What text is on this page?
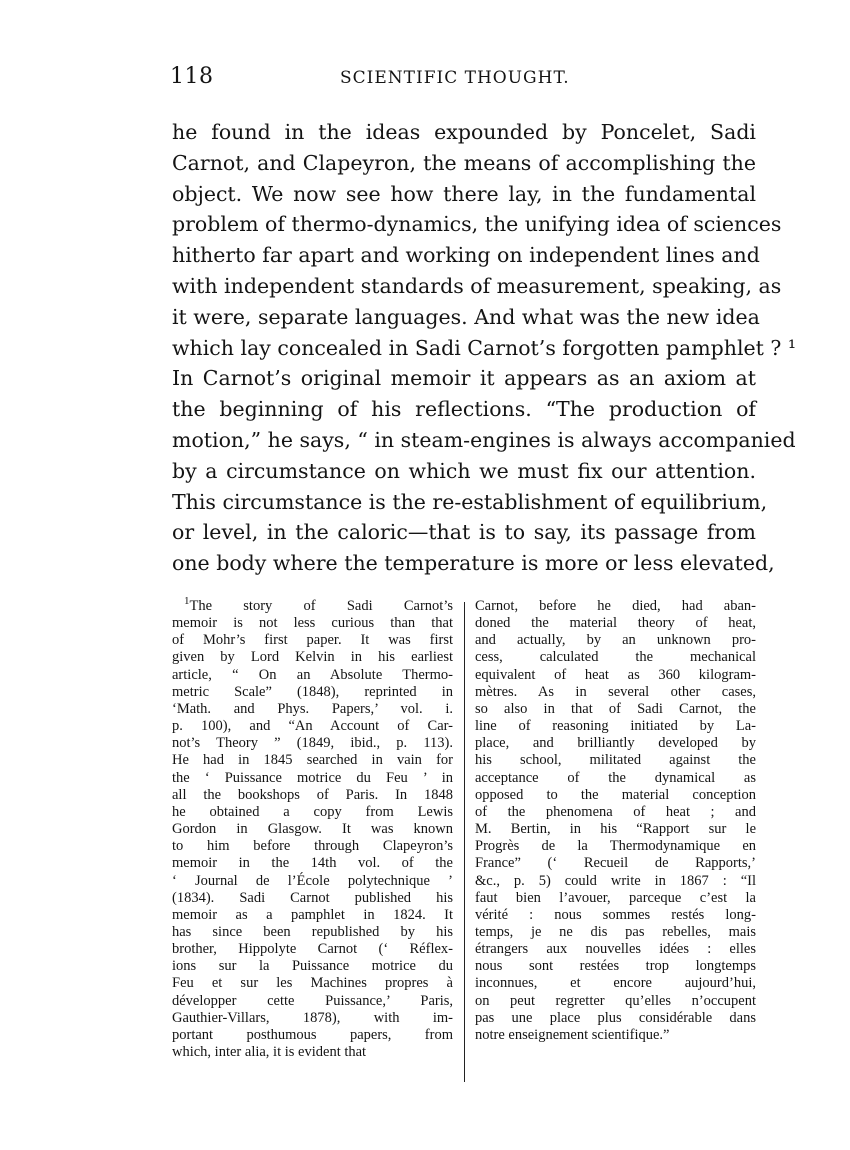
118	SCIENTIFIC THOUGHT.
he found in the ideas expounded by Poncelet, Sadi
Carnot, and Clapeyron, the means of accomplishing the
object. We now see how there lay, in the fundamental
problem of thermo-dynamics, the unifying idea of sciences
hitherto far apart and working on independent lines and
with independent standards of measurement, speaking, as
it were, separate languages. And what was the new idea
which lay concealed in Sadi Carnot’s forgotten pamphlet ? ¹
In Carnot’s original memoir it appears as an axiom at
the beginning of his reflections. “The production of
motion,” he says, “ in steam-engines is always accompanied
by a circumstance on which we must fix our attention.
This circumstance is the re-establishment of equilibrium,
or level, in the caloric—that is to say, its passage from
one body where the temperature is more or less elevated,
$^1$The story of Sadi Carnot’s
memoir is not less curious than that
of Mohr’s first paper. It was first
given by Lord Kelvin in his earliest
article, “ On an Absolute Thermo-
metric Scale” (1848), reprinted in
‘Math. and Phys. Papers,’ vol. i.
p. 100), and “An Account of Car-
not’s Theory ” (1849, ibid., p. 113).
He had in 1845 searched in vain for
the ‘ Puissance motrice du Feu ’ in
all the bookshops of Paris. In 1848
he obtained a copy from Lewis
Gordon in Glasgow. It was known
to him before through Clapeyron’s
memoir in the 14th vol. of the
‘ Journal de l’École polytechnique ’
(1834). Sadi Carnot published his
memoir as a pamphlet in 1824. It
has since been republished by his
brother, Hippolyte Carnot (‘ Réflex-
ions sur la Puissance motrice du
Feu et sur les Machines propres à
développer cette Puissance,’ Paris,
Gauthier-Villars, 1878), with im-
portant posthumous papers, from
which, inter alia, it is evident that
Carnot, before he died, had aban-
doned the material theory of heat,
and actually, by an unknown pro-
cess, calculated the mechanical
equivalent of heat as 360 kilogram-
mètres. As in several other cases,
so also in that of Sadi Carnot, the
line of reasoning initiated by La-
place, and brilliantly developed by
his school, militated against the
acceptance of the dynamical as
opposed to the material conception
of the phenomena of heat ; and
M. Bertin, in his “Rapport sur le
Progrès de la Thermodynamique en
France” (‘ Recueil de Rapports,’
&c., p. 5) could write in 1867 : “Il
faut bien l’avouer, parceque c’est la
vérité : nous sommes restés long-
temps, je ne dis pas rebelles, mais
étrangers aux nouvelles idées : elles
nous sont restées trop longtemps
inconnues, et encore aujourd’hui,
on peut regretter qu’elles n’occupent
pas une place plus considérable dans
notre enseignement scientifique.”
